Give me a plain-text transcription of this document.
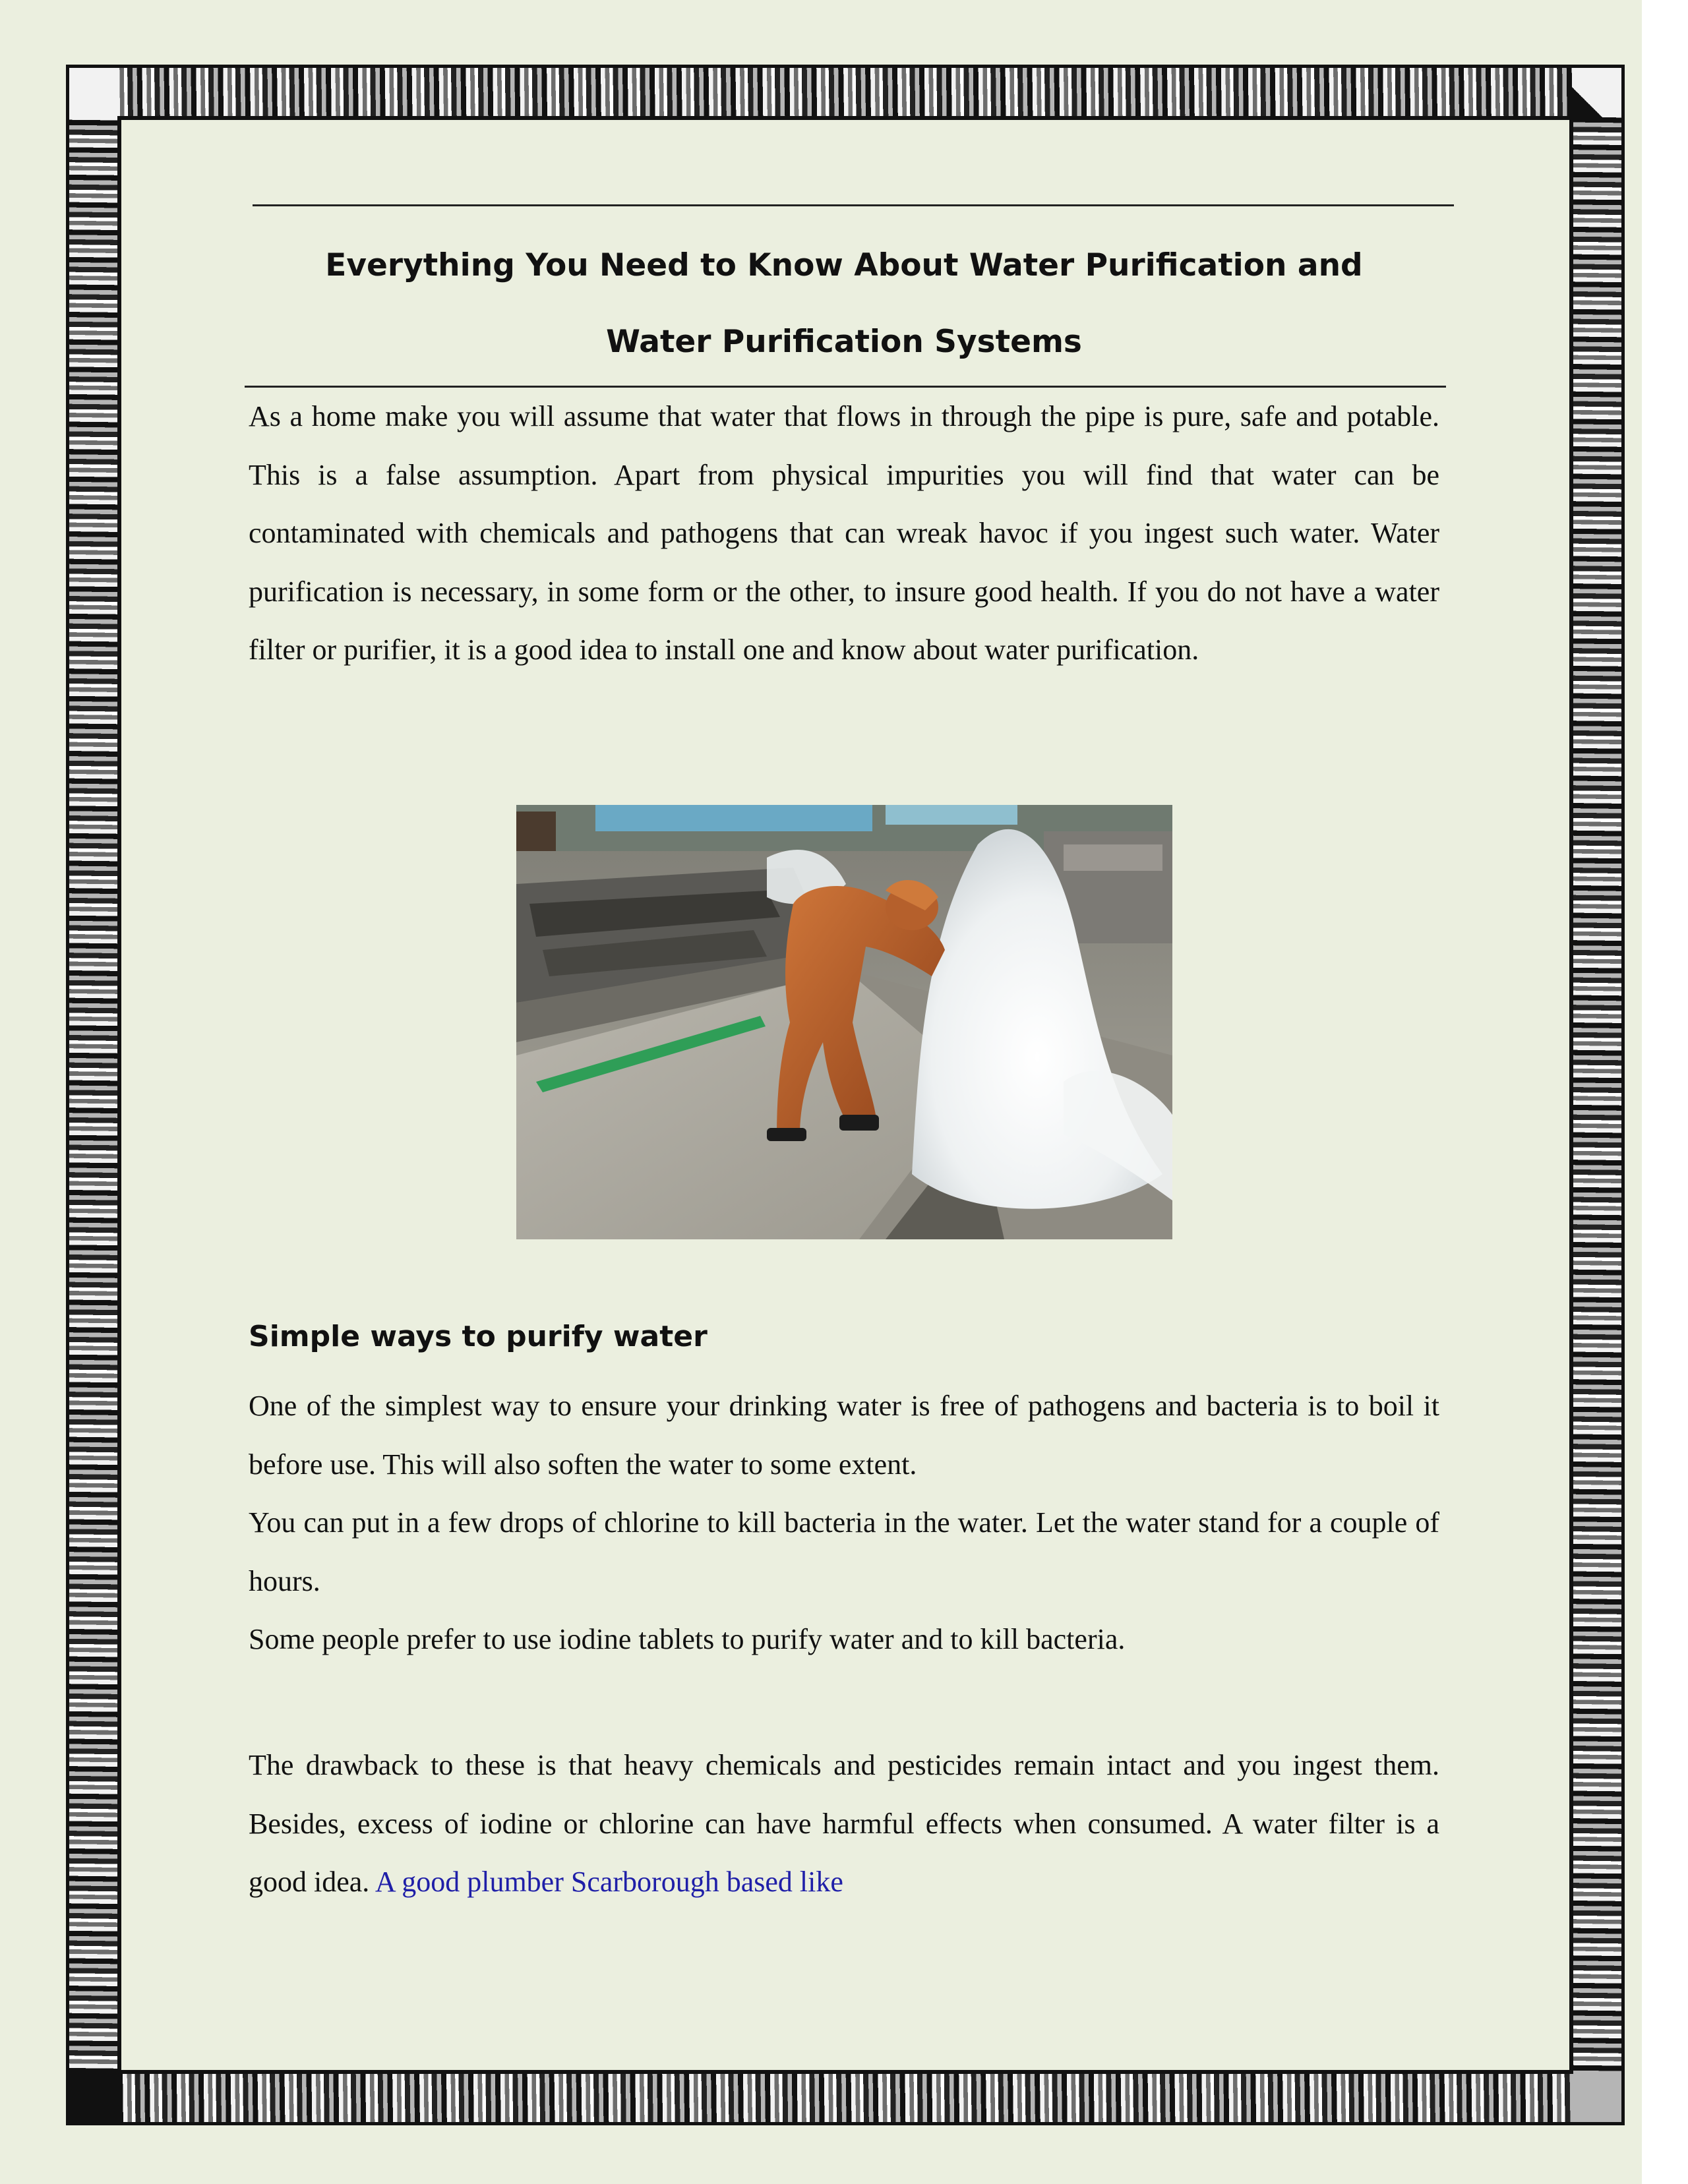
Everything You Need to Know About Water Purification and
Water Purification Systems

As a home make you will assume that water that flows in through the pipe is pure, safe and potable. This is a false assumption. Apart from physical impurities you will find that water can be contaminated with chemicals and pathogens that can wreak havoc if you ingest such water. Water purification is necessary, in some form or the other, to insure good health. If you do not have a water filter or purifier, it is a good idea to install one and know about water purification.

Simple ways to purify water

One of the simplest way to ensure your drinking water is free of pathogens and bacteria is to boil it before use. This will also soften the water to some extent.

You can put in a few drops of chlorine to kill bacteria in the water. Let the water stand for a couple of hours.

Some people prefer to use iodine tablets to purify water and to kill bacteria.

The drawback to these is that heavy chemicals and pesticides remain intact and you ingest them. Besides, excess of iodine or chlorine can have harmful effects when consumed. A water filter is a good idea. A good plumber Scarborough based like
